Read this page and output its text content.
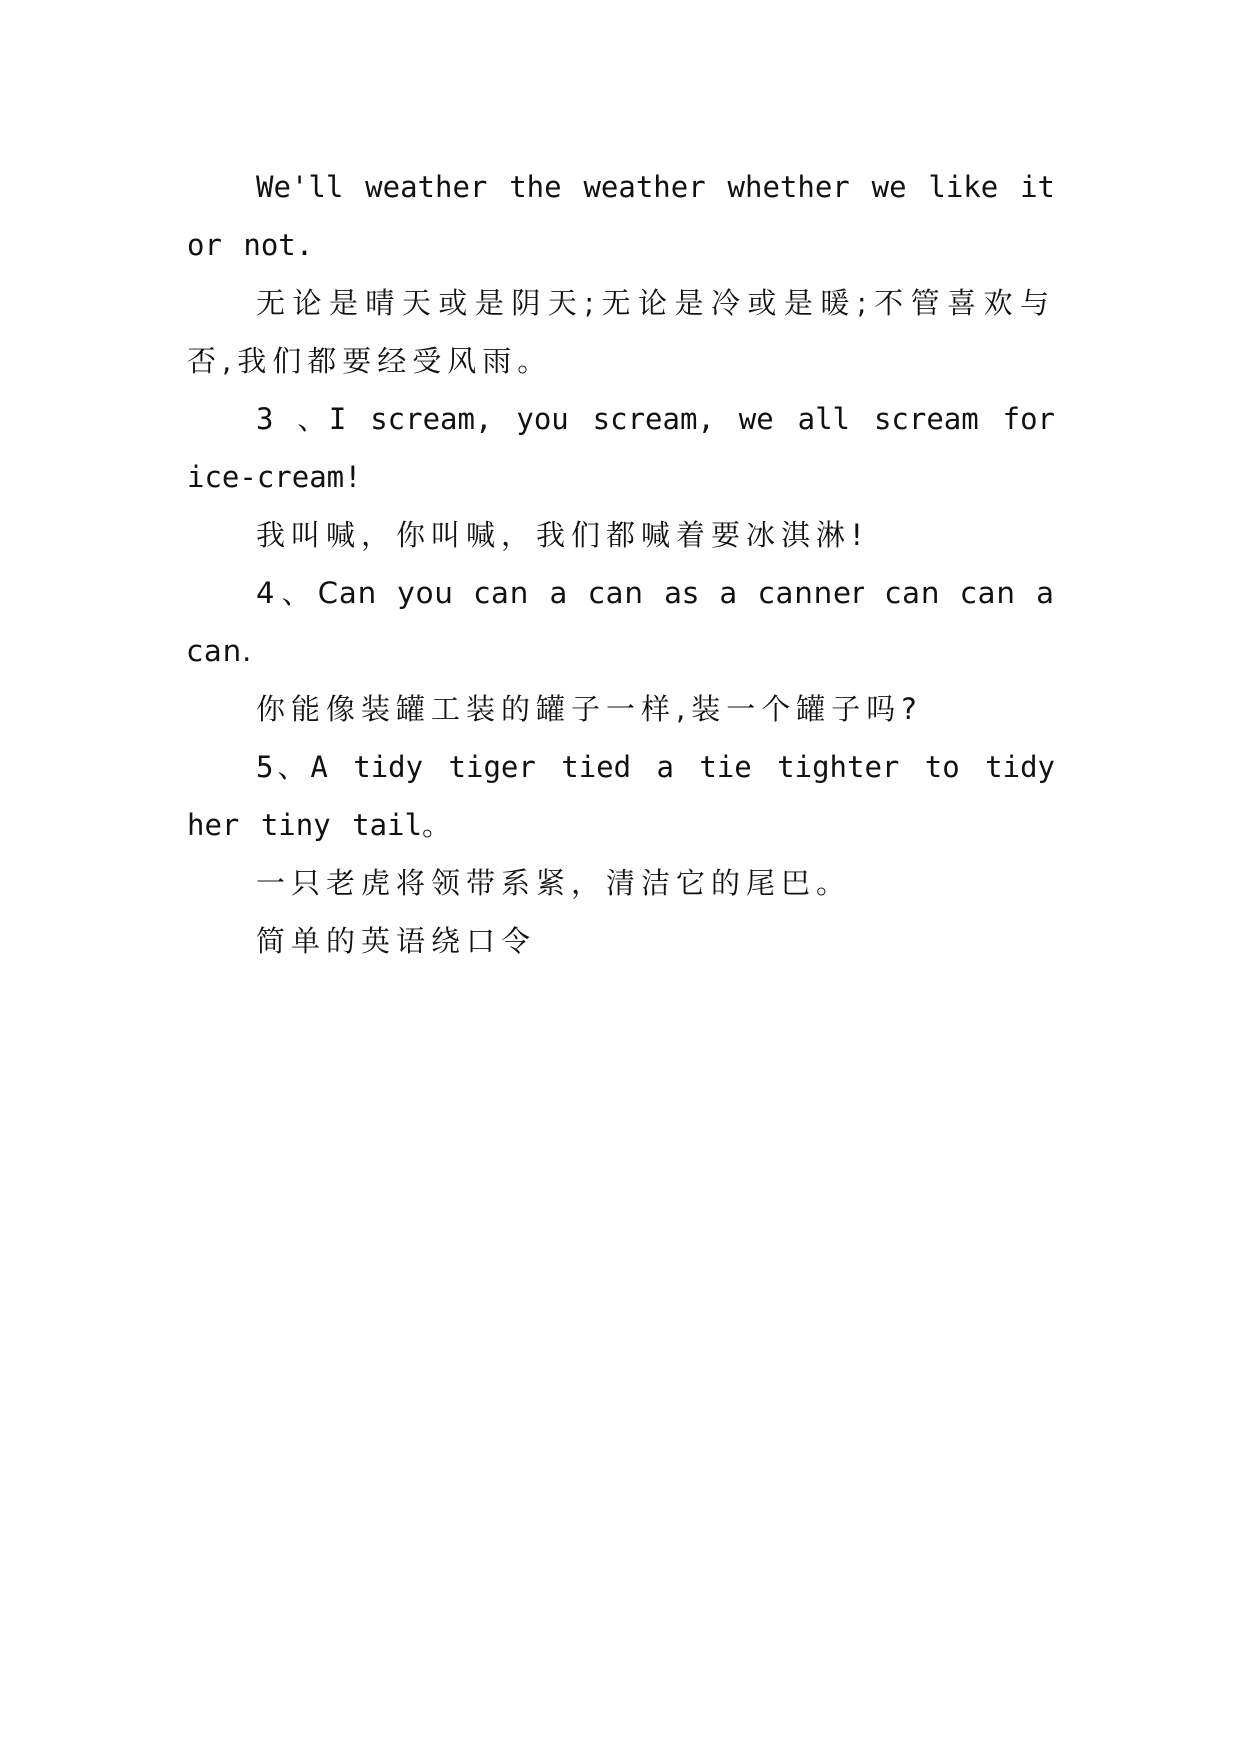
We'll weather the weather whether we like it or not.

无论是晴天或是阴天;无论是冷或是暖;不管喜欢与否,我们都要经受风雨。

3 、I scream, you scream, we all scream for ice-cream!

我叫喊，你叫喊，我们都喊着要冰淇淋!

4、Can you can a can as a canner can can a can.

你能像装罐工装的罐子一样,装一个罐子吗?

5、A tidy tiger tied a tie tighter to tidy her tiny tail。

一只老虎将领带系紧，清洁它的尾巴。

简单的英语绕口令
